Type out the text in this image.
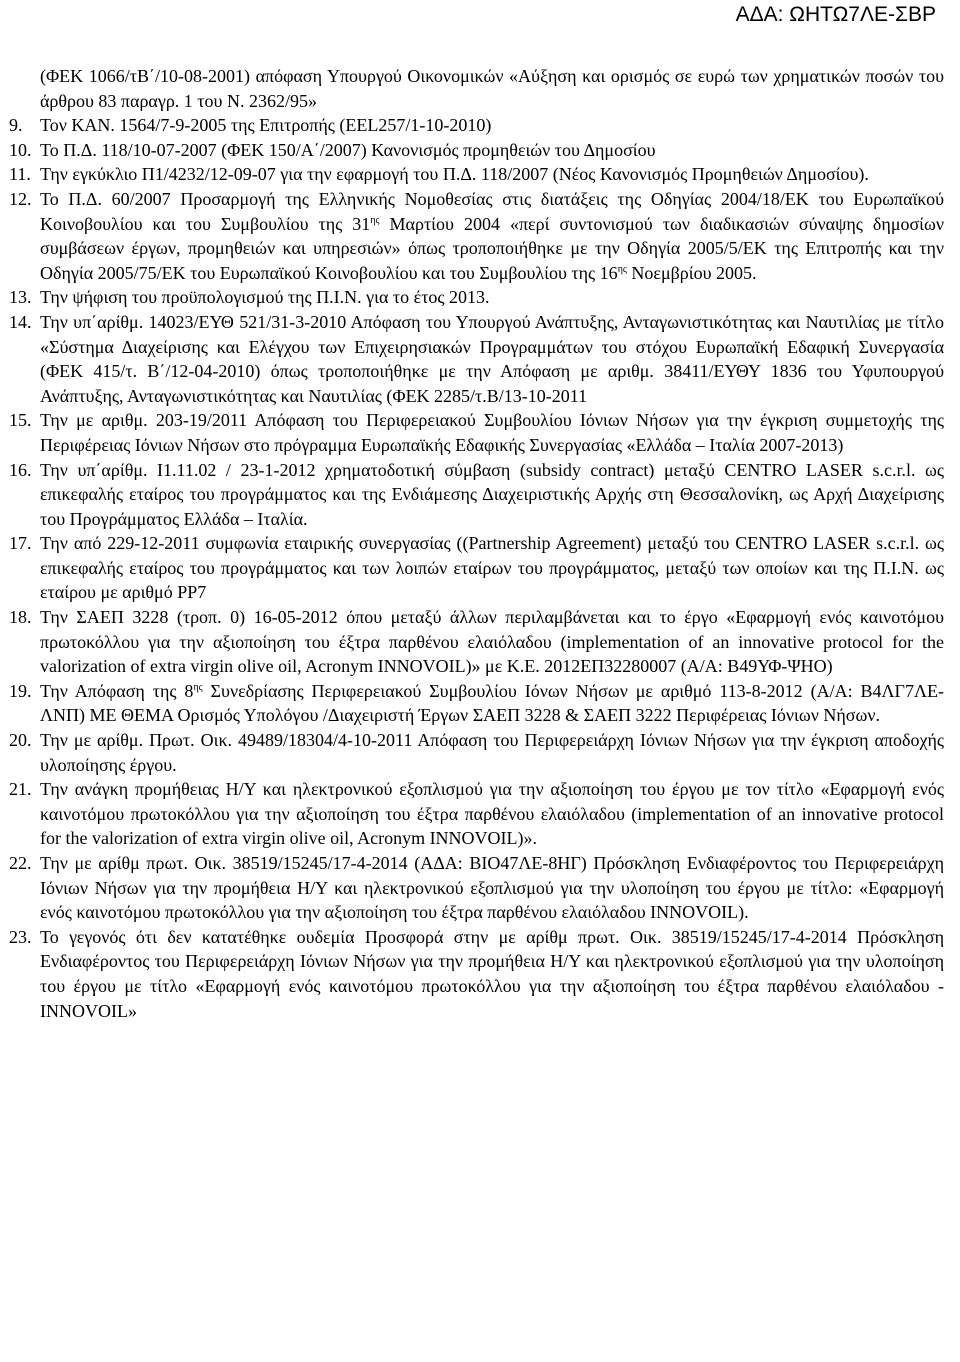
ΑΔΑ: ΩΗΤΩ7ΛΕ-ΣΒΡ

(ΦΕΚ 1066/τΒ΄/10-08-2001) απόφαση Υπουργού Οικονομικών «Αύξηση και ορισμός σε ευρώ των χρηματικών ποσών του άρθρου 83 παραγρ. 1 του Ν. 2362/95»

9. Τον ΚΑΝ. 1564/7-9-2005 της Επιτροπής (ΕΕL257/1-10-2010)

10. Το Π.Δ. 118/10-07-2007 (ΦΕΚ 150/Α΄/2007) Κανονισμός προμηθειών του Δημοσίου

11. Την εγκύκλιο Π1/4232/12-09-07 για την εφαρμογή του Π.Δ. 118/2007 (Νέος Κανονισμός Προμηθειών Δημοσίου).

12. Το Π.Δ. 60/2007 Προσαρμογή της Ελληνικής Νομοθεσίας στις διατάξεις της Οδηγίας 2004/18/ΕΚ του Ευρωπαϊκού Κοινοβουλίου και του Συμβουλίου της $31^{\eta\varsigma}$ Μαρτίου 2004 «περί συντονισμού των διαδικασιών σύναψης δημοσίων συμβάσεων έργων, προμηθειών και υπηρεσιών» όπως τροποποιήθηκε με την Οδηγία 2005/5/ΕΚ της Επιτροπής και την Οδηγία 2005/75/ΕΚ του Ευρωπαϊκού Κοινοβουλίου και του Συμβουλίου της $16^{\eta\varsigma}$ Νοεμβρίου 2005.

13. Την ψήφιση του προϋπολογισμού της Π.Ι.Ν. για το έτος 2013.

14. Την υπ΄αρίθμ. 14023/ΕΥΘ 521/31-3-2010 Απόφαση του Υπουργού Ανάπτυξης, Ανταγωνιστικότητας και Ναυτιλίας με τίτλο «Σύστημα Διαχείρισης και Ελέγχου των Επιχειρησιακών Προγραμμάτων του στόχου Ευρωπαϊκή Εδαφική Συνεργασία (ΦΕΚ 415/τ. Β΄/12-04-2010) όπως τροποποιήθηκε με την Απόφαση με αριθμ. 38411/ΕΥΘΥ 1836 του Υφυπουργού Ανάπτυξης, Ανταγωνιστικότητας και Ναυτιλίας (ΦΕΚ 2285/τ.Β/13-10-2011

15. Την με αριθμ. 203-19/2011 Απόφαση του Περιφερειακού Συμβουλίου Ιόνιων Νήσων για την έγκριση συμμετοχής της Περιφέρειας Ιόνιων Νήσων στο πρόγραμμα Ευρωπαϊκής Εδαφικής Συνεργασίας «Ελλάδα – Ιταλία 2007-2013)

16. Την υπ΄αρίθμ. Ι1.11.02 / 23-1-2012 χρηματοδοτική σύμβαση (subsidy contract) μεταξύ CENTRO LASER s.c.r.l. ως επικεφαλής εταίρος του προγράμματος και της Ενδιάμεσης Διαχειριστικής Αρχής στη Θεσσαλονίκη, ως Αρχή Διαχείρισης του Προγράμματος Ελλάδα – Ιταλία.

17. Την από 229-12-2011 συμφωνία εταιρικής συνεργασίας ((Partnership Agreement) μεταξύ του CENTRO LASER s.c.r.l. ως επικεφαλής εταίρος του προγράμματος και των λοιπών εταίρων του προγράμματος, μεταξύ των οποίων και της Π.Ι.Ν. ως εταίρου με αριθμό PP7

18. Την ΣΑΕΠ 3228 (τροπ. 0) 16-05-2012 όπου μεταξύ άλλων περιλαμβάνεται και το έργο «Εφαρμογή ενός καινοτόμου πρωτοκόλλου για την αξιοποίηση του έξτρα παρθένου ελαιόλαδου (implementation of an innovative protocol for the valorization of extra virgin olive oil, Acronym INNOVOIL)» με Κ.Ε. 2012ΕΠ32280007 (Α/Α: Β49ΥΦ-ΨΗΟ)

19. Την Απόφαση της $8^{\eta\varsigma}$ Συνεδρίασης Περιφερειακού Συμβουλίου Ιόνων Νήσων με αριθμό 113-8-2012 (Α/Α: Β4ΛΓ7ΛΕ-ΛΝΠ) ΜΕ ΘΕΜΑ Ορισμός Υπολόγου /Διαχειριστή Έργων ΣΑΕΠ 3228 & ΣΑΕΠ 3222 Περιφέρειας Ιόνιων Νήσων.

20. Την με αρίθμ. Πρωτ. Οικ. 49489/18304/4-10-2011 Απόφαση του Περιφερειάρχη Ιόνιων Νήσων για την έγκριση αποδοχής υλοποίησης έργου.

21. Την ανάγκη προμήθειας Η/Υ και ηλεκτρονικού εξοπλισμού για την αξιοποίηση του έργου με τον τίτλο «Εφαρμογή ενός καινοτόμου πρωτοκόλλου για την αξιοποίηση του έξτρα παρθένου ελαιόλαδου (implementation of an innovative protocol for the valorization of extra virgin olive oil, Acronym INNOVOIL)».

22. Την με αρίθμ πρωτ. Οικ. 38519/15245/17-4-2014 (ΑΔΑ: ΒΙΟ47ΛΕ-8ΗΓ) Πρόσκληση Ενδιαφέροντος του Περιφερειάρχη Ιόνιων Νήσων για την προμήθεια Η/Υ και ηλεκτρονικού εξοπλισμού για την υλοποίηση του έργου με τίτλο: «Εφαρμογή ενός καινοτόμου πρωτοκόλλου για την αξιοποίηση του έξτρα παρθένου ελαιόλαδου INNOVOIL).

23. Το γεγονός ότι δεν κατατέθηκε ουδεμία Προσφορά στην με αρίθμ πρωτ. Οικ. 38519/15245/17-4-2014 Πρόσκληση Ενδιαφέροντος του Περιφερειάρχη Ιόνιων Νήσων για την προμήθεια Η/Υ και ηλεκτρονικού εξοπλισμού για την υλοποίηση του έργου με τίτλο «Εφαρμογή ενός καινοτόμου πρωτοκόλλου για την αξιοποίηση του έξτρα παρθένου ελαιόλαδου - INNOVOIL»
